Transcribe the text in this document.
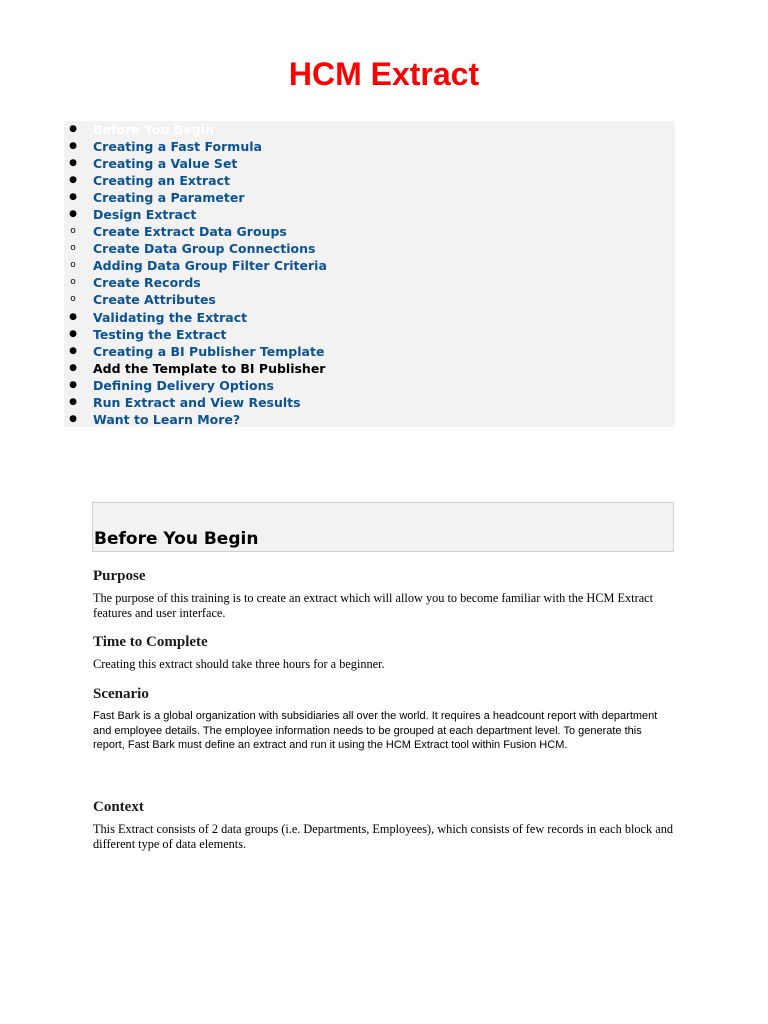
HCM Extract
● Before You Begin
● Creating a Fast Formula
● Creating a Value Set
● Creating an Extract
● Creating a Parameter
● Design Extract
o Create Extract Data Groups
o Create Data Group Connections
o Adding Data Group Filter Criteria
o Create Records
o Create Attributes
● Validating the Extract
● Testing the Extract
● Creating a BI Publisher Template
● Add the Template to BI Publisher
● Defining Delivery Options
● Run Extract and View Results
● Want to Learn More?
Before You Begin
Purpose

The purpose of this training is to create an extract which will allow you to become familiar with the HCM Extract features and user interface.

Time to Complete

Creating this extract should take three hours for a beginner.

Scenario

Fast Bark is a global organization with subsidiaries all over the world. It requires a headcount report with department and employee details. The employee information needs to be grouped at each department level. To generate this report, Fast Bark must define an extract and run it using the HCM Extract tool within Fusion HCM.

Context

This Extract consists of 2 data groups (i.e. Departments, Employees), which consists of few records in each block and different type of data elements.
